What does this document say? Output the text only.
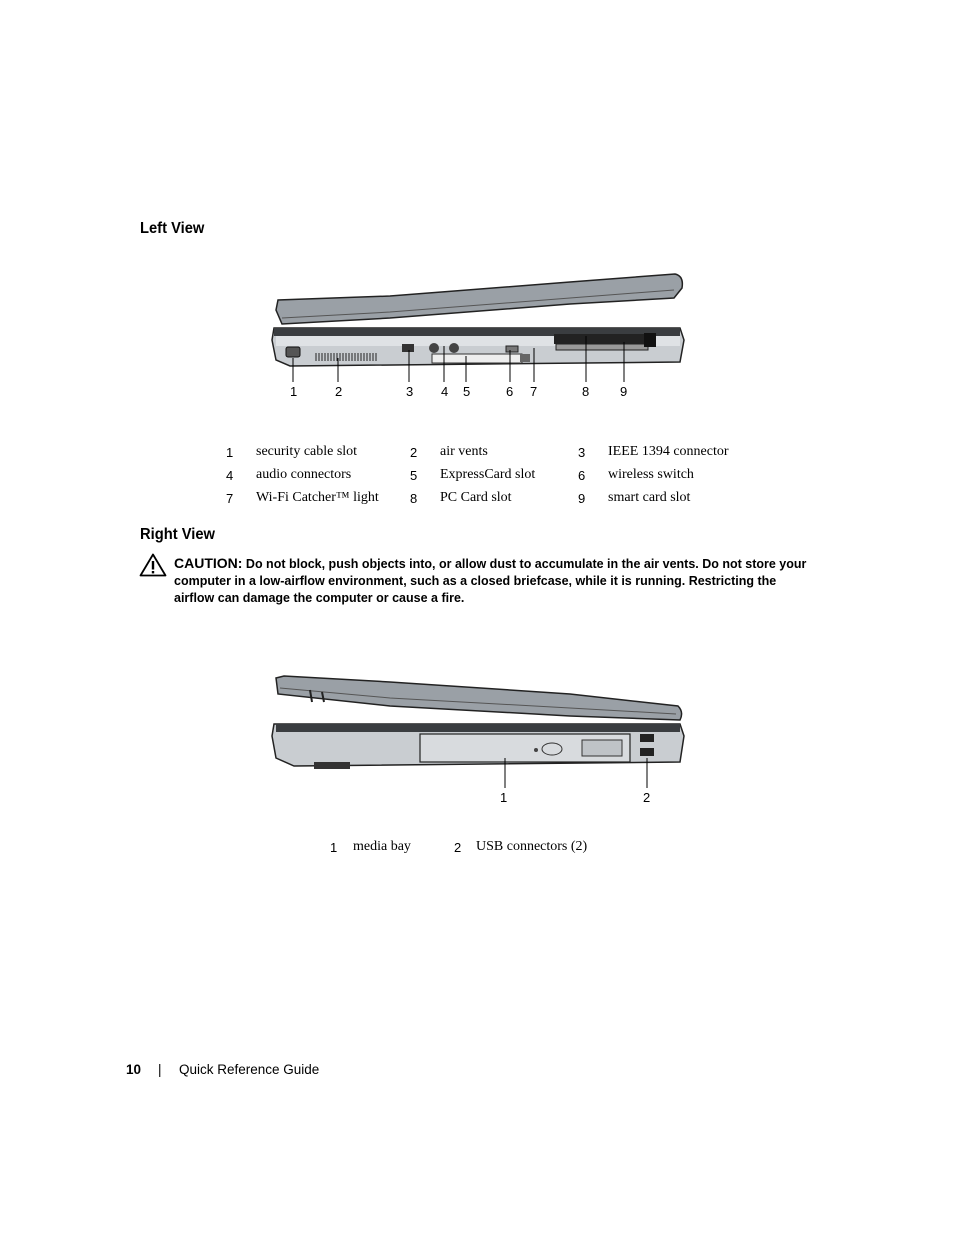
Left View
1	2	3 4 5	6 7	8 9
1 security cable slot	2 air vents	3 IEEE 1394 connector
4 audio connectors	5 ExpressCard slot	6 wireless switch
7 Wi-Fi Catcher™ light 8 PC Card slot	9 smart card slot
Right View
CAUTION: Do not block, push objects into, or allow dust to accumulate in the air vents. Do not store your computer in a low-airflow environment, such as a closed briefcase, while it is running. Restricting the airflow can damage the computer or cause a fire.
1	2
1 media bay	2 USB connectors (2)
10 | Quick Reference Guide
